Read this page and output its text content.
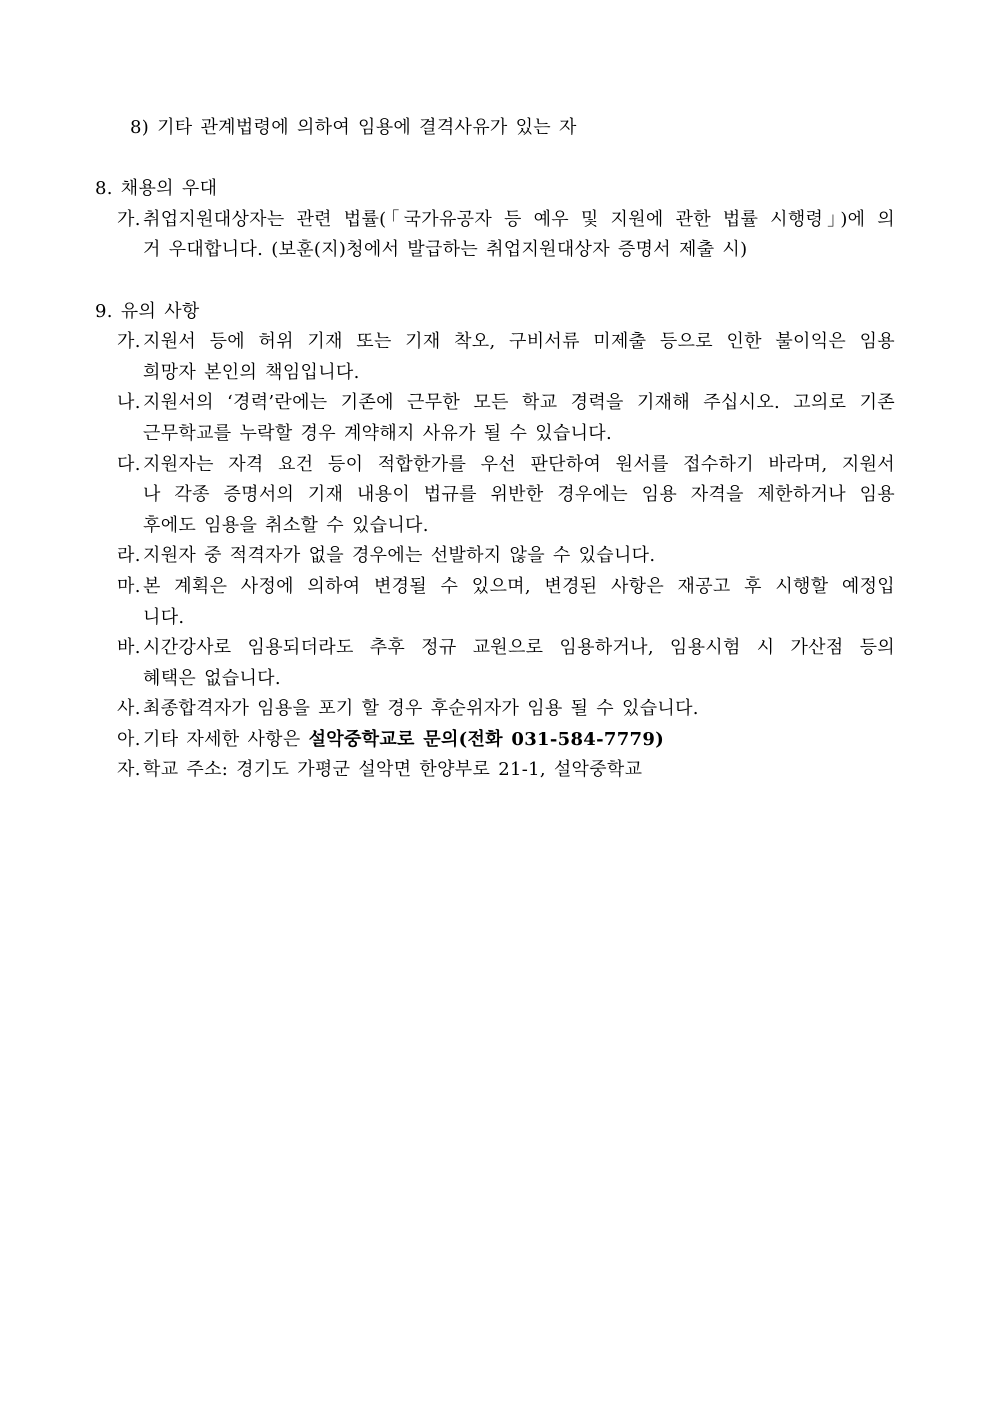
8) 기타 관계법령에 의하여 임용에 결격사유가 있는 자
8. 채용의 우대
가. 취업지원대상자는 관련 법률(「국가유공자 등 예우 및 지원에 관한 법률 시행령」)에 의
거 우대합니다. (보훈(지)청에서 발급하는 취업지원대상자 증명서 제출 시)
9. 유의 사항
가. 지원서 등에 허위 기재 또는 기재 착오, 구비서류 미제출 등으로 인한 불이익은 임용
희망자 본인의 책임입니다.
나. 지원서의 ‘경력’란에는 기존에 근무한 모든 학교 경력을 기재해 주십시오. 고의로 기존
근무학교를 누락할 경우 계약해지 사유가 될 수 있습니다.
다. 지원자는 자격 요건 등이 적합한가를 우선 판단하여 원서를 접수하기 바라며, 지원서
나 각종 증명서의 기재 내용이 법규를 위반한 경우에는 임용 자격을 제한하거나 임용
후에도 임용을 취소할 수 있습니다.
라. 지원자 중 적격자가 없을 경우에는 선발하지 않을 수 있습니다.
마. 본 계획은 사정에 의하여 변경될 수 있으며, 변경된 사항은 재공고 후 시행할 예정입
니다.
바. 시간강사로 임용되더라도 추후 정규 교원으로 임용하거나, 임용시험 시 가산점 등의
혜택은 없습니다.
사. 최종합격자가 임용을 포기 할 경우 후순위자가 임용 될 수 있습니다.
아. 기타 자세한 사항은 설악중학교로 문의(전화 031-584-7779)
자. 학교 주소: 경기도 가평군 설악면 한양부로 21-1, 설악중학교
